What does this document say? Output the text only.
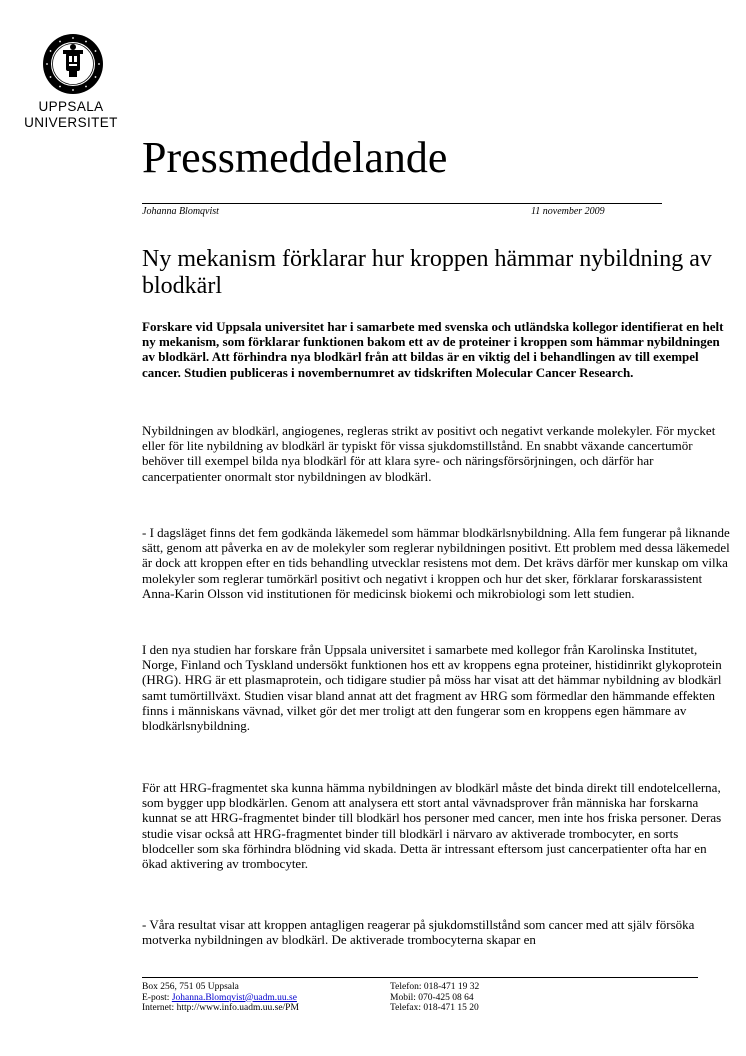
UPPSALA
UNIVERSITET
Pressmeddelande
Johanna Blomqvist	11 november 2009
Ny mekanism förklarar hur kroppen hämmar nybildning av blodkärl
Forskare vid Uppsala universitet har i samarbete med svenska och utländska kollegor identifierat en helt ny mekanism, som förklarar funktionen bakom ett av de proteiner i kroppen som hämmar nybildningen av blodkärl. Att förhindra nya blodkärl från att bildas är en viktig del i behandlingen av till exempel cancer. Studien publiceras i novembernumret av tidskriften Molecular Cancer Research.
Nybildningen av blodkärl, angiogenes, regleras strikt av positivt och negativt verkande molekyler. För mycket eller för lite nybildning av blodkärl är typiskt för vissa sjukdomstillstånd. En snabbt växande cancertumör behöver till exempel bilda nya blodkärl för att klara syre- och näringsförsörjningen, och därför har cancerpatienter onormalt stor nybildningen av blodkärl.
- I dagsläget finns det fem godkända läkemedel som hämmar blodkärlsnybildning. Alla fem fungerar på liknande sätt, genom att påverka en av de molekyler som reglerar nybildningen positivt. Ett problem med dessa läkemedel är dock att kroppen efter en tids behandling utvecklar resistens mot dem. Det krävs därför mer kunskap om vilka molekyler som reglerar tumörkärl positivt och negativt i kroppen och hur det sker, förklarar forskarassistent Anna-Karin Olsson vid institutionen för medicinsk biokemi och mikrobiologi som lett studien.
I den nya studien har forskare från Uppsala universitet i samarbete med kollegor från Karolinska Institutet, Norge, Finland och Tyskland undersökt funktionen hos ett av kroppens egna proteiner, histidinrikt glykoprotein (HRG). HRG är ett plasmaprotein, och tidigare studier på möss har visat att det hämmar nybildning av blodkärl samt tumörtillväxt. Studien visar bland annat att det fragment av HRG som förmedlar den hämmande effekten finns i människans vävnad, vilket gör det mer troligt att den fungerar som en kroppens egen hämmare av blodkärlsnybildning.
För att HRG-fragmentet ska kunna hämma nybildningen av blodkärl måste det binda direkt till endotelcellerna, som bygger upp blodkärlen. Genom att analysera ett stort antal vävnadsprover från människa har forskarna kunnat se att HRG-fragmentet binder till blodkärl hos personer med cancer, men inte hos friska personer. Deras studie visar också att HRG-fragmentet binder till blodkärl i närvaro av aktiverade trombocyter, en sorts blodceller som ska förhindra blödning vid skada. Detta är intressant eftersom just cancerpatienter ofta har en ökad aktivering av trombocyter.
- Våra resultat visar att kroppen antagligen reagerar på sjukdomstillstånd som cancer med att själv försöka motverka nybildningen av blodkärl. De aktiverade trombocyterna skapar en
Box 256, 751 05 Uppsala
E-post: Johanna.Blomqvist@uadm.uu.se
Internet: http://www.info.uadm.uu.se/PM
Telefon: 018-471 19 32
Mobil: 070-425 08 64
Telefax: 018-471 15 20
